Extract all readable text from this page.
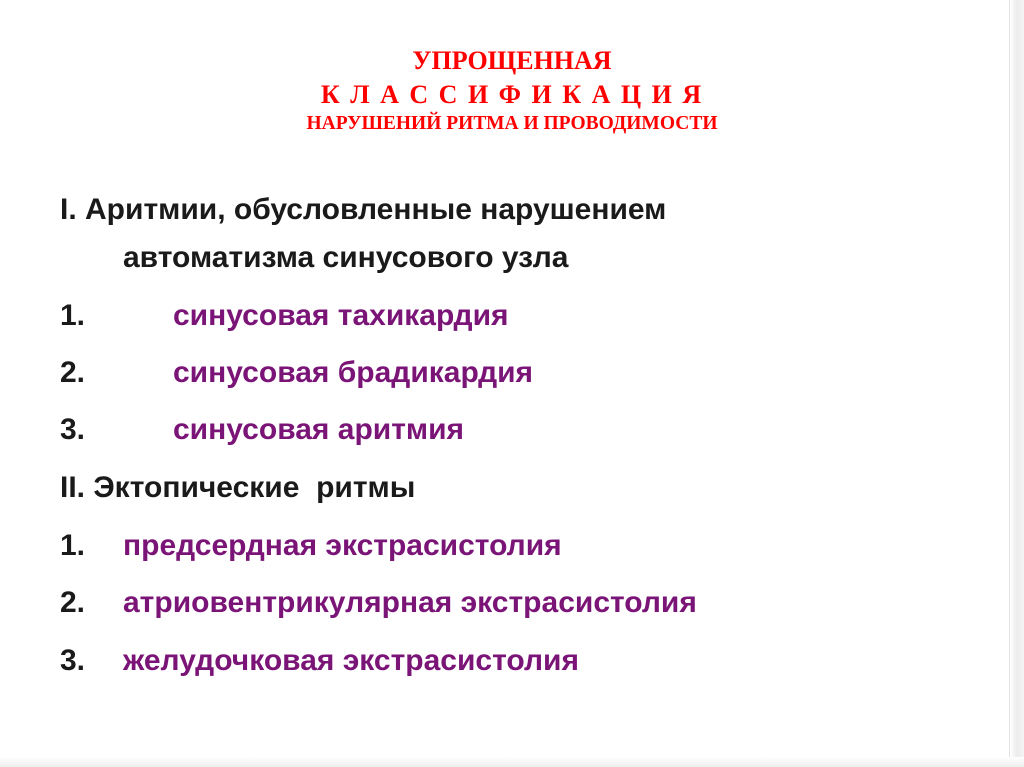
УПРОЩЕННАЯ
К Л А С С И Ф И К А Ц И Я
НАРУШЕНИЙ РИТМА И ПРОВОДИМОСТИ
I. Аритмии, обусловленные нарушением
автоматизма синусового узла
1.	синусовая тахикардия
2.	синусовая брадикардия
3.	синусовая аритмия
II. Эктопические  ритмы
1. предсердная экстрасистолия
2. атриовентрикулярная экстрасистолия
3. желудочковая экстрасистолия
